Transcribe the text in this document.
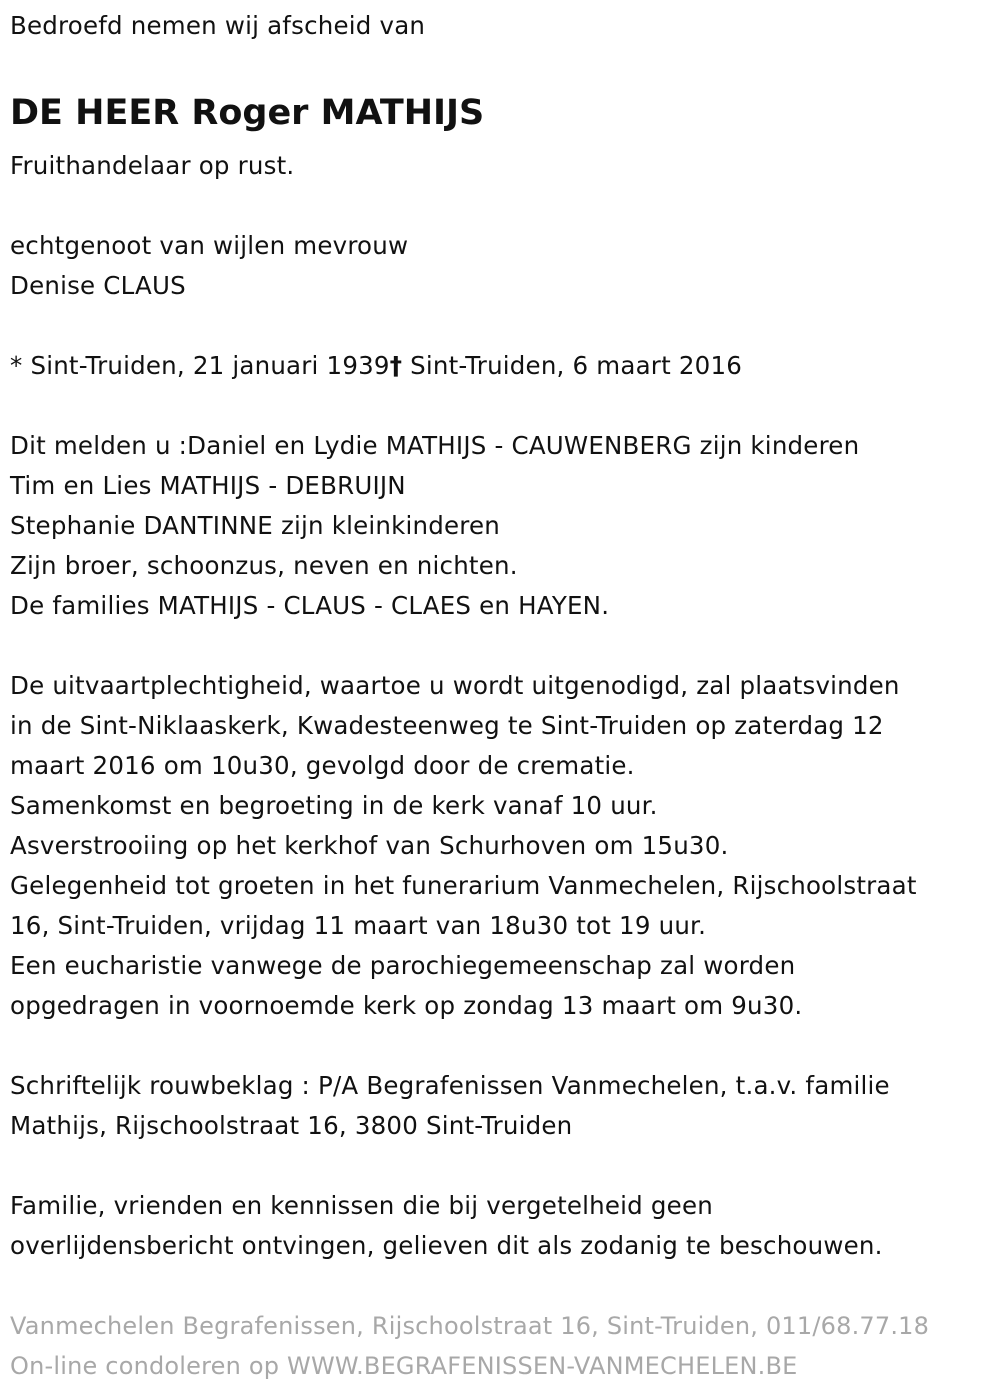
Bedroefd nemen wij afscheid van
DE HEER Roger MATHIJS
Fruithandelaar op rust.
echtgenoot van wijlen mevrouw
Denise CLAUS
* Sint-Truiden, 21 januari 1939† Sint-Truiden, 6 maart 2016
Dit melden u :Daniel en Lydie MATHIJS - CAUWENBERG zijn kinderen
Tim en Lies MATHIJS - DEBRUIJN
Stephanie DANTINNE zijn kleinkinderen
Zijn broer, schoonzus, neven en nichten.
De families MATHIJS - CLAUS - CLAES en HAYEN.
De uitvaartplechtigheid, waartoe u wordt uitgenodigd, zal plaatsvinden
in de Sint-Niklaaskerk, Kwadesteenweg te Sint-Truiden op zaterdag 12
maart 2016 om 10u30, gevolgd door de crematie.
Samenkomst en begroeting in de kerk vanaf 10 uur.
Asverstrooiing op het kerkhof van Schurhoven om 15u30.
Gelegenheid tot groeten in het funerarium Vanmechelen, Rijschoolstraat
16, Sint-Truiden, vrijdag 11 maart van 18u30 tot 19 uur.
Een eucharistie vanwege de parochiegemeenschap zal worden
opgedragen in voornoemde kerk op zondag 13 maart om 9u30.
Schriftelijk rouwbeklag : P/A Begrafenissen Vanmechelen, t.a.v. familie
Mathijs, Rijschoolstraat 16, 3800 Sint-Truiden
Familie, vrienden en kennissen die bij vergetelheid geen
overlijdensbericht ontvingen, gelieven dit als zodanig te beschouwen.
Vanmechelen Begrafenissen, Rijschoolstraat 16, Sint-Truiden, 011/68.77.18
On-line condoleren op WWW.BEGRAFENISSEN-VANMECHELEN.BE
